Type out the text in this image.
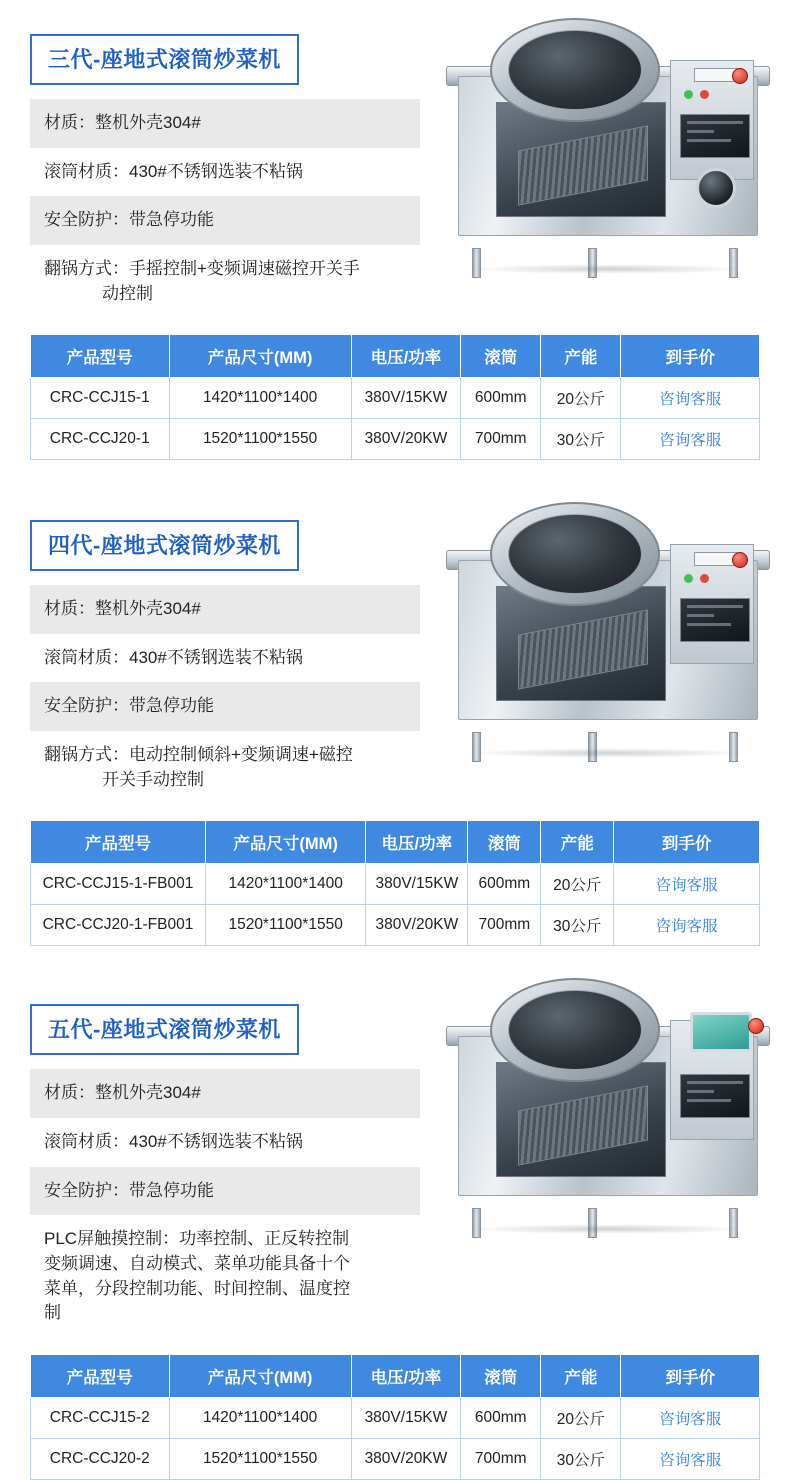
三代-座地式滚筒炒菜机
材质：整机外壳304#
滚筒材质：430#不锈钢选装不粘锅
安全防护：带急停功能
翻锅方式：手摇控制+变频调速磁控开关手
动控制
产品型号	产品尺寸(MM)	电压/功率	滚筒	产能	到手价
CRC-CCJ15-1	1420*1100*1400	380V/15KW	600mm	20公斤	咨询客服
CRC-CCJ20-1	1520*1100*1550	380V/20KW	700mm	30公斤	咨询客服
四代-座地式滚筒炒菜机
材质：整机外壳304#
滚筒材质：430#不锈钢选装不粘锅
安全防护：带急停功能
翻锅方式：电动控制倾斜+变频调速+磁控
开关手动控制
产品型号	产品尺寸(MM)	电压/功率	滚筒	产能	到手价
CRC-CCJ15-1-FB001	1420*1100*1400	380V/15KW	600mm	20公斤	咨询客服
CRC-CCJ20-1-FB001	1520*1100*1550	380V/20KW	700mm	30公斤	咨询客服
五代-座地式滚筒炒菜机
材质：整机外壳304#
滚筒材质：430#不锈钢选装不粘锅
安全防护：带急停功能
PLC屏触摸控制：功率控制、正反转控制
变频调速、自动模式、菜单功能具备十个
菜单，分段控制功能、时间控制、温度控
制
产品型号	产品尺寸(MM)	电压/功率	滚筒	产能	到手价
CRC-CCJ15-2	1420*1100*1400	380V/15KW	600mm	20公斤	咨询客服
CRC-CCJ20-2	1520*1100*1550	380V/20KW	700mm	30公斤	咨询客服
